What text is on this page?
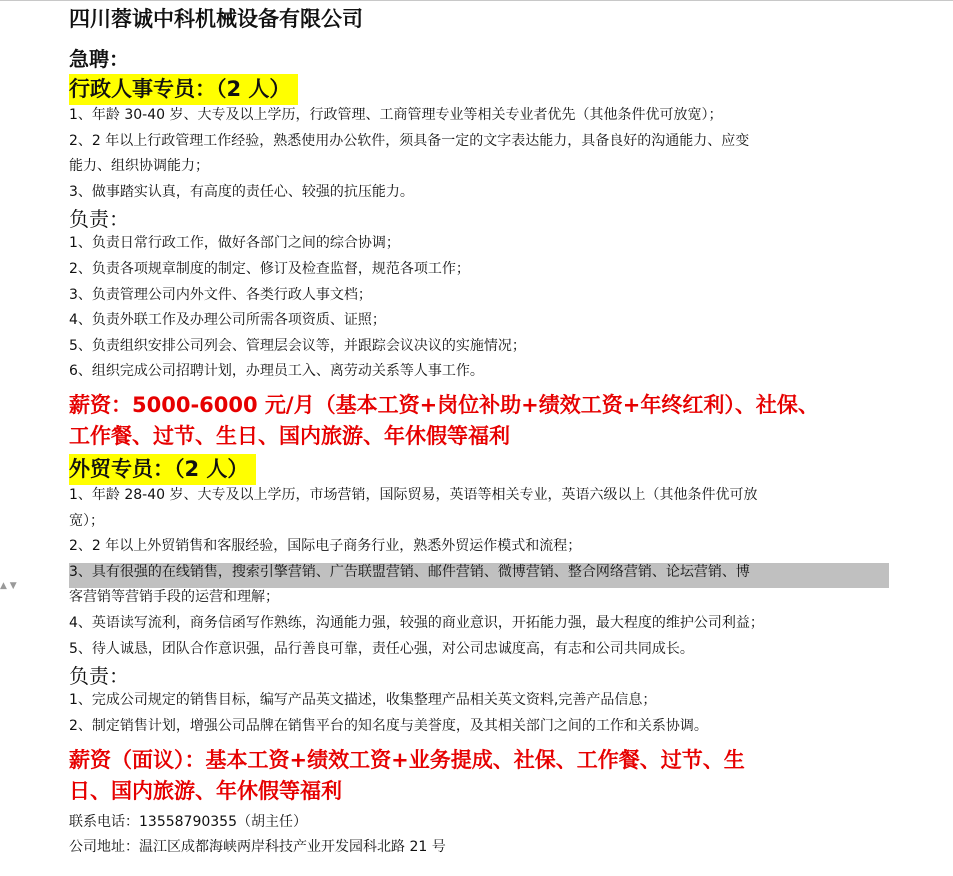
▲ ▼
四川蓉诚中科机械设备有限公司
急聘：
行政人事专员：（2 人）

1、年龄 30-40 岁、大专及以上学历，行政管理、工商管理专业等相关专业者优先（其他条件优可放宽）；

2、2 年以上行政管理工作经验，熟悉使用办公软件，须具备一定的文字表达能力，具备良好的沟通能力、应变

能力、组织协调能力；

3、做事踏实认真，有高度的责任心、较强的抗压能力。

负责：

1、负责日常行政工作，做好各部门之间的综合协调；

2、负责各项规章制度的制定、修订及检查监督，规范各项工作；

3、负责管理公司内外文件、各类行政人事文档；

4、负责外联工作及办理公司所需各项资质、证照；

5、负责组织安排公司列会、管理层会议等，并跟踪会议决议的实施情况；

6、组织完成公司招聘计划，办理员工入、离劳动关系等人事工作。

薪资：5000-6000 元/月（基本工资+岗位补助+绩效工资+年终红利）、社保、
工作餐、过节、生日、国内旅游、年休假等福利
外贸专员：（2 人）

1、年龄 28-40 岁、大专及以上学历，市场营销，国际贸易，英语等相关专业，英语六级以上（其他条件优可放

宽）；

2、2 年以上外贸销售和客服经验，国际电子商务行业，熟悉外贸运作模式和流程；

3、具有很强的在线销售，搜索引擎营销、广告联盟营销、邮件营销、微博营销、整合网络营销、论坛营销、博

客营销等营销手段的运营和理解；

4、英语读写流利，商务信函写作熟练，沟通能力强，较强的商业意识，开拓能力强，最大程度的维护公司利益；

5、待人诚恳，团队合作意识强，品行善良可靠，责任心强，对公司忠诚度高，有志和公司共同成长。

负责：

1、完成公司规定的销售目标，编写产品英文描述，收集整理产品相关英文资料,完善产品信息；

2、制定销售计划，增强公司品牌在销售平台的知名度与美誉度，及其相关部门之间的工作和关系协调。

薪资（面议）：基本工资+绩效工资+业务提成、社保、工作餐、过节、生
日、国内旅游、年休假等福利

联系电话：13558790355（胡主任）

公司地址：温江区成都海峡两岸科技产业开发园科北路 21 号
